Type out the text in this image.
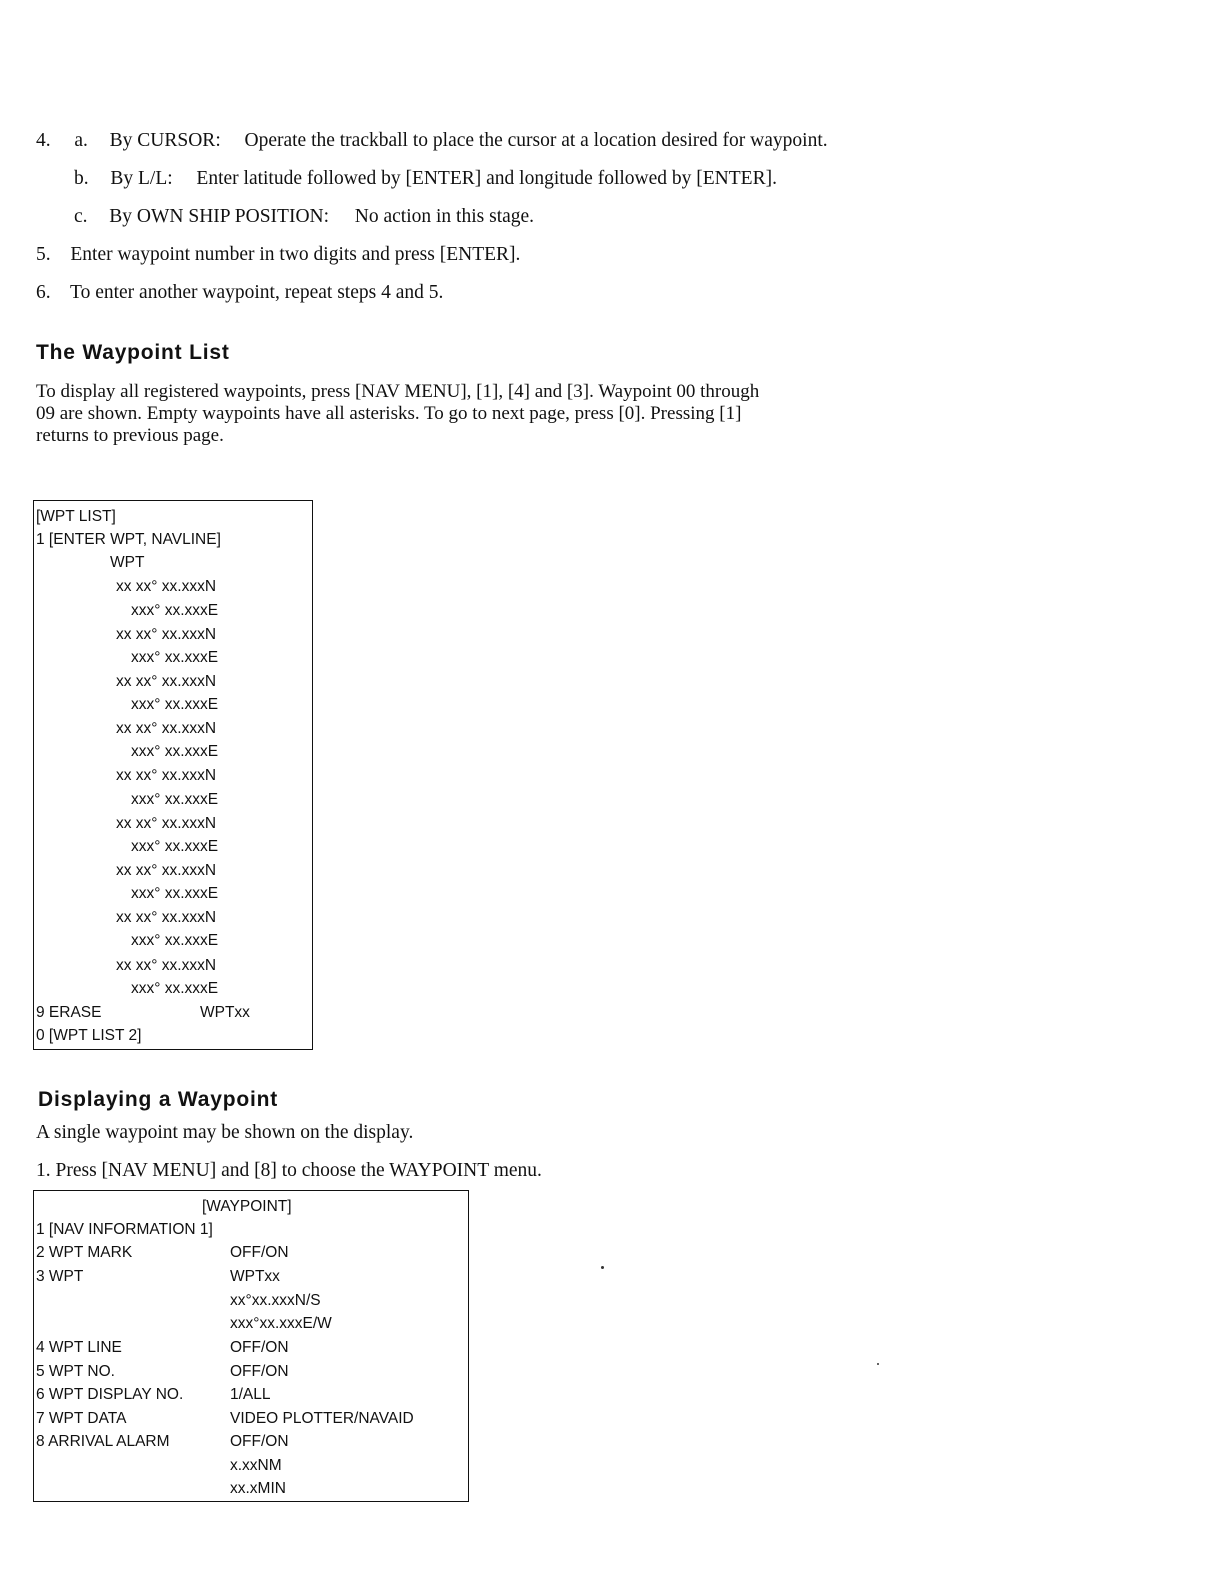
4. a. By CURSOR: Operate the trackball to place the cursor at a location desired for waypoint.
b. By L/L: Enter latitude followed by [ENTER] and longitude followed by [ENTER].
c. By OWN SHIP POSITION: No action in this stage.
5. Enter waypoint number in two digits and press [ENTER].
6. To enter another waypoint, repeat steps 4 and 5.
The Waypoint List
To display all registered waypoints, press [NAV MENU], [1], [4] and [3]. Waypoint 00 through
09 are shown. Empty waypoints have all asterisks. To go to next page, press [0]. Pressing [1]
returns to previous page.
[WPT LIST]
1 [ENTER WPT, NAVLINE]
WPT
xx xx° xx.xxxN
xxx° xx.xxxE
xx xx° xx.xxxN
xxx° xx.xxxE
xx xx° xx.xxxN
xxx° xx.xxxE
xx xx° xx.xxxN
xxx° xx.xxxE
xx xx° xx.xxxN
xxx° xx.xxxE
xx xx° xx.xxxN
xxx° xx.xxxE
xx xx° xx.xxxN
xxx° xx.xxxE
xx xx° xx.xxxN
xxx° xx.xxxE
xx xx° xx.xxxN
xxx° xx.xxxE
9 ERASE	WPTxx
0 [WPT LIST 2]
Displaying a Waypoint
A single waypoint may be shown on the display.
1. Press [NAV MENU] and [8] to choose the WAYPOINT menu.
[WAYPOINT]
1 [NAV INFORMATION 1]
2 WPT MARK	OFF/ON
3 WPT	WPTxx
xx°xx.xxxN/S
xxx°xx.xxxE/W
4 WPT LINE	OFF/ON
5 WPT NO.	OFF/ON
6 WPT DISPLAY NO.	1/ALL
7 WPT DATA	VIDEO PLOTTER/NAVAID
8 ARRIVAL ALARM	OFF/ON
x.xxNM
xx.xMIN
